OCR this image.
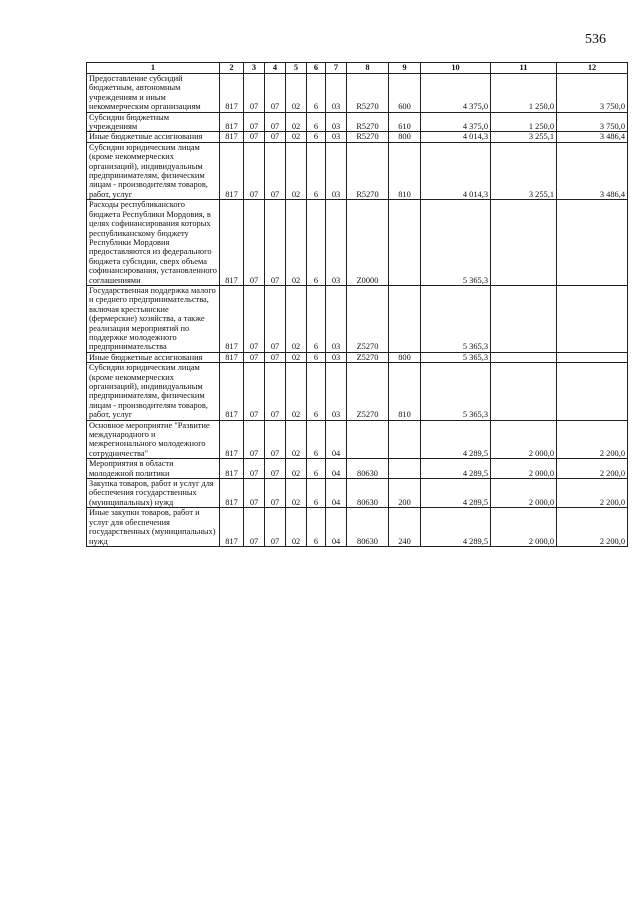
536
1	2	3	4	5	6	7	8	9	10	11	12
Предоставление субсидий бюджетным, автономным учреждениям и иным некоммерческим организациям	817	07	07	02	6	03	R5270	600	4 375,0	1 250,0	3 750,0
Субсидии бюджетным учреждениям	817	07	07	02	6	03	R5270	610	4 375,0	1 250,0	3 750,0
Иные бюджетные ассигнования	817	07	07	02	6	03	R5270	800	4 014,3	3 255,1	3 486,4
Субсидии юридическим лицам (кроме некоммерческих организаций), индивидуальным предпринимателям, физическим лицам - производителям товаров, работ, услуг	817	07	07	02	6	03	R5270	810	4 014,3	3 255,1	3 486,4
Расходы республиканского бюджета Республики Мордовия, в целях софинансирования которых республиканскому бюджету Республики Мордовия предоставляются из федерального бюджета субсидии, сверх объема софинансирования, установленного соглашениями	817	07	07	02	6	03	Z0000		5 365,3		
Государственная поддержка малого и среднего предпринимательства, включая крестьянские (фермерские) хозяйства, а также реализация мероприятий по поддержке молодежного предпринимательства	817	07	07	02	6	03	Z5270		5 365,3		
Иные бюджетные ассигнования	817	07	07	02	6	03	Z5270	800	5 365,3		
Субсидии юридическим лицам (кроме некоммерческих организаций), индивидуальным предпринимателям, физическим лицам - производителям товаров, работ, услуг	817	07	07	02	6	03	Z5270	810	5 365,3		
Основное мероприятие "Развитие международного и межрегионального молодежного сотрудничества"	817	07	07	02	6	04			4 289,5	2 000,0	2 200,0
Мероприятия в области молодежной политики	817	07	07	02	6	04	80630		4 289,5	2 000,0	2 200,0
Закупка товаров, работ и услуг для обеспечения государственных (муниципальных) нужд	817	07	07	02	6	04	80630	200	4 289,5	2 000,0	2 200,0
Иные закупки товаров, работ и услуг для обеспечения государственных (муниципальных) нужд	817	07	07	02	6	04	80630	240	4 289,5	2 000,0	2 200,0
